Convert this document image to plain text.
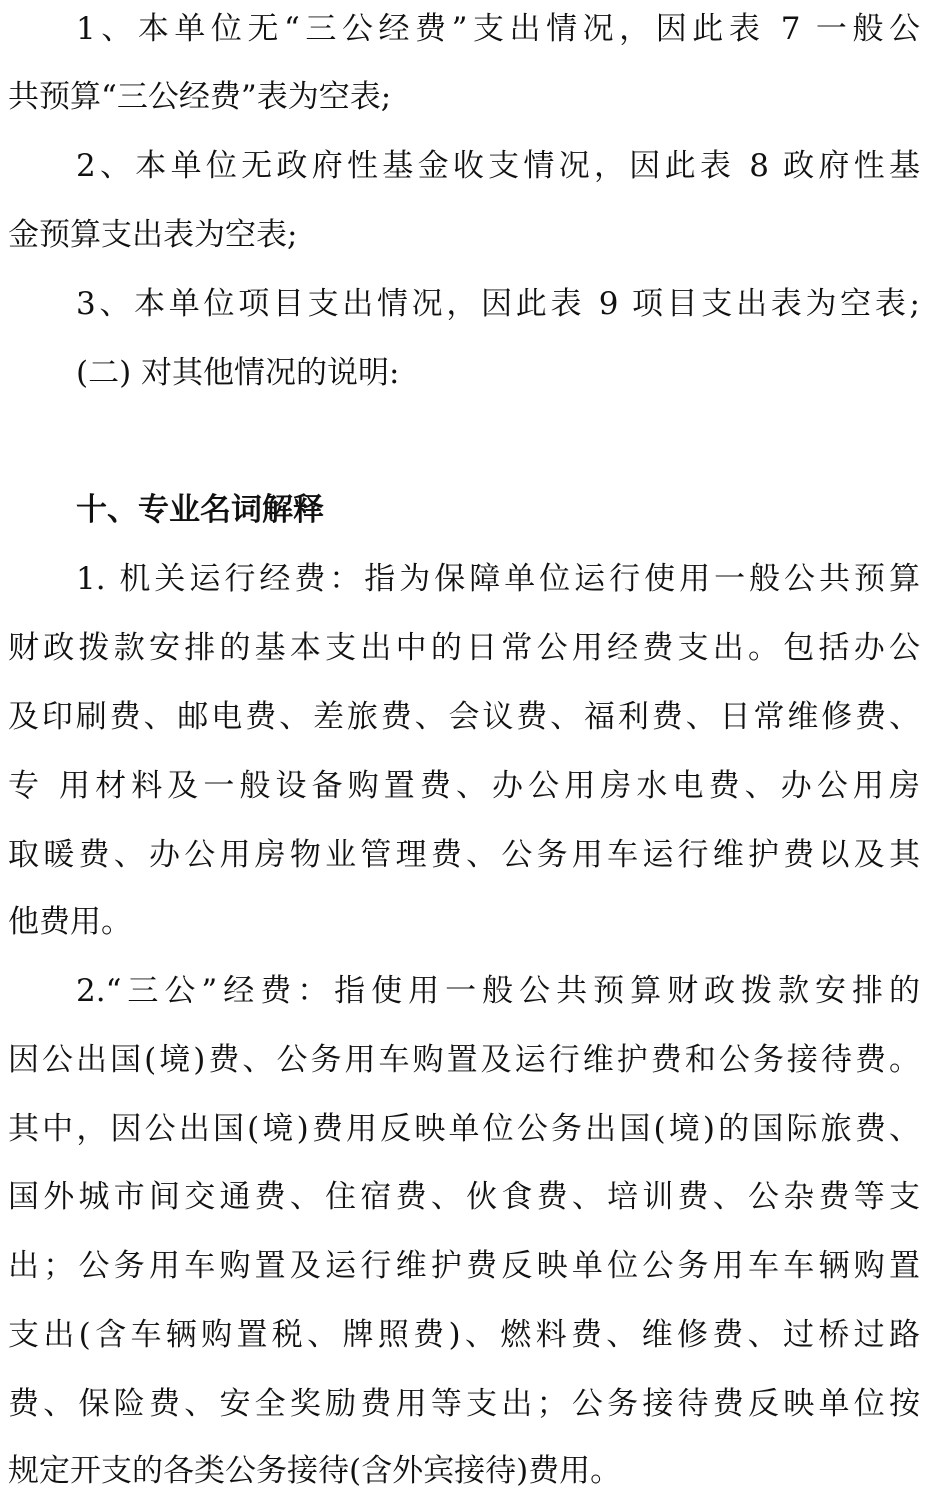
1、本单位无“三公经费”支出情况，因此表 7 一般公
共预算“三公经费”表为空表;
2、本单位无政府性基金收支情况，因此表 8 政府性基
金预算支出表为空表;
3、本单位项目支出情况，因此表 9 项目支出表为空表;
(二) 对其他情况的说明:
十、专业名词解释
1. 机关运行经费：指为保障单位运行使用一般公共预算
财政拨款安排的基本支出中的日常公用经费支出。包括办公
及印刷费、邮电费、差旅费、会议费、福利费、日常维修费、
专 用材料及一般设备购置费、办公用房水电费、办公用房
取暖费、办公用房物业管理费、公务用车运行维护费以及其
他费用。
2.“三公”经费：指使用一般公共预算财政拨款安排的
因公出国(境)费、公务用车购置及运行维护费和公务接待费。
其中，因公出国(境)费用反映单位公务出国(境)的国际旅费、
国外城市间交通费、住宿费、伙食费、培训费、公杂费等支
出；公务用车购置及运行维护费反映单位公务用车车辆购置
支出(含车辆购置税、牌照费)、燃料费、维修费、过桥过路
费、保险费、安全奖励费用等支出；公务接待费反映单位按
规定开支的各类公务接待(含外宾接待)费用。
